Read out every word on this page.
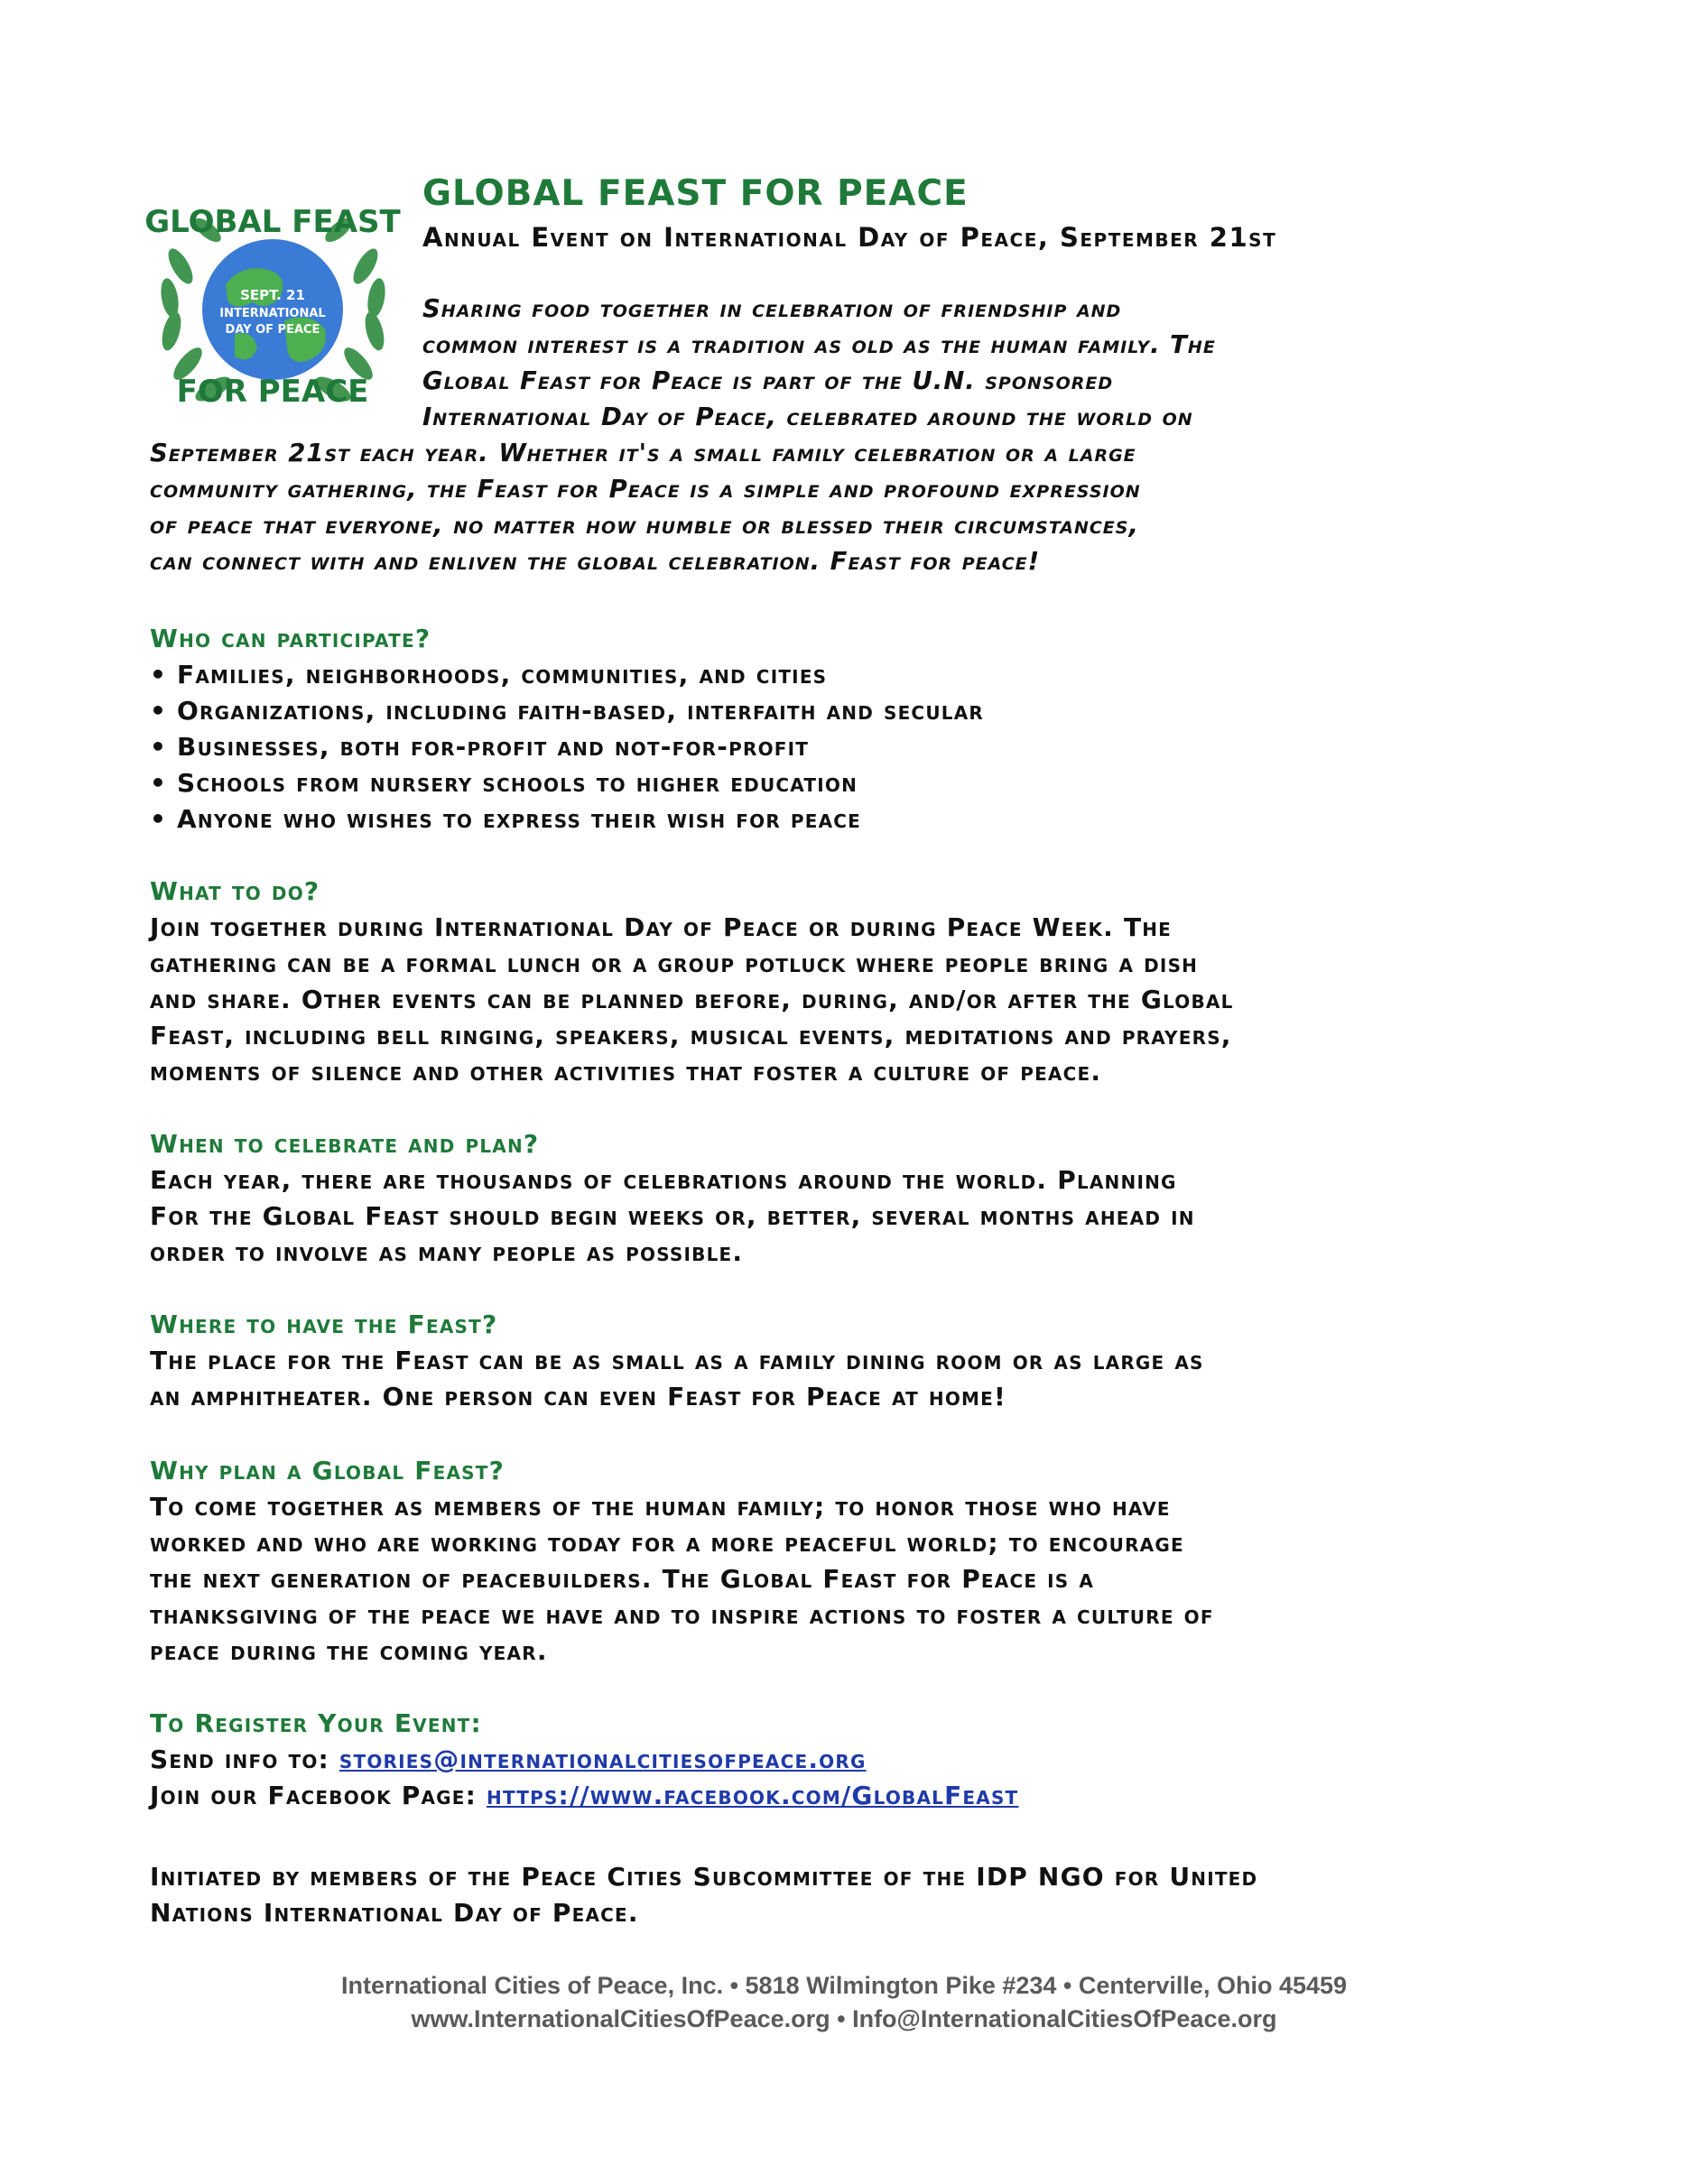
GLOBAL FEAST
SEPT. 21
INTERNATIONAL
DAY OF PEACE
FOR PEACE
GLOBAL FEAST FOR PEACE
Annual Event on International Day of Peace, September 21st
Sharing food together in celebration of friendship and
common interest is a tradition as old as the human family. The
Global Feast for Peace is part of the U.N. sponsored
International Day of Peace, celebrated around the world on
September 21st each year. Whether it's a small family celebration or a large
community gathering, the Feast for Peace is a simple and profound expression
of peace that everyone, no matter how humble or blessed their circumstances,
can connect with and enliven the global celebration. Feast for peace!
Who can participate?
• Families, neighborhoods, communities, and cities
• Organizations, including faith-based, interfaith and secular
• Businesses, both for-profit and not-for-profit
• Schools from nursery schools to higher education
• Anyone who wishes to express their wish for peace
What to do?
Join together during International Day of Peace or during Peace Week. The
gathering can be a formal lunch or a group potluck where people bring a dish
and share. Other events can be planned before, during, and/or after the Global
Feast, including bell ringing, speakers, musical events, meditations and prayers,
moments of silence and other activities that foster a culture of peace.
When to celebrate and plan?
Each year, there are thousands of celebrations around the world. Planning
For the Global Feast should begin weeks or, better, several months ahead in
order to involve as many people as possible.
Where to have the Feast?
The place for the Feast can be as small as a family dining room or as large as
an amphitheater. One person can even Feast for Peace at home!
Why plan a Global Feast?
To come together as members of the human family; to honor those who have
worked and who are working today for a more peaceful world; to encourage
the next generation of peacebuilders. The Global Feast for Peace is a
thanksgiving of the peace we have and to inspire actions to foster a culture of
peace during the coming year.
To Register Your Event:
Send info to: stories@internationalcitiesofpeace.org
Join our Facebook Page: https://www.facebook.com/GlobalFeast
Initiated by members of the Peace Cities Subcommittee of the IDP NGO for United
Nations International Day of Peace.
International Cities of Peace, Inc. • 5818 Wilmington Pike #234 • Centerville, Ohio 45459
www.InternationalCitiesOfPeace.org • Info@InternationalCitiesOfPeace.org
